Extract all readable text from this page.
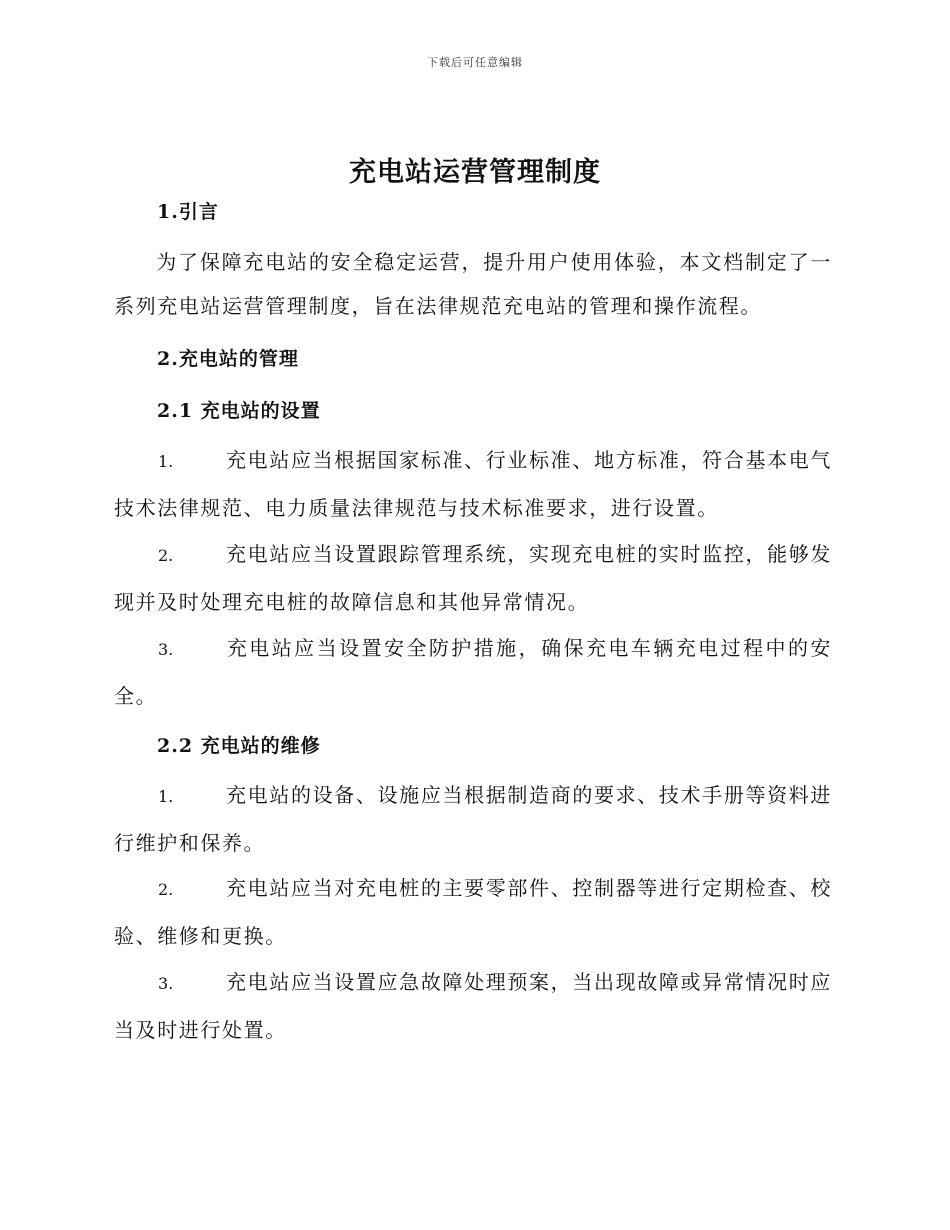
下载后可任意编辑
充电站运营管理制度
1.引言

为了保障充电站的安全稳定运营，提升用户使用体验，本文档制定了一系列充电站运营管理制度，旨在法律规范充电站的管理和操作流程。

2.充电站的管理
2.1 充电站的设置

1.	充电站应当根据国家标准、行业标准、地方标准，符合基本电气技术法律规范、电力质量法律规范与技术标准要求，进行设置。

2.	充电站应当设置跟踪管理系统，实现充电桩的实时监控，能够发现并及时处理充电桩的故障信息和其他异常情况。

3.	充电站应当设置安全防护措施，确保充电车辆充电过程中的安全。

2.2 充电站的维修

1.	充电站的设备、设施应当根据制造商的要求、技术手册等资料进行维护和保养。

2.	充电站应当对充电桩的主要零部件、控制器等进行定期检查、校验、维修和更换。

3.	充电站应当设置应急故障处理预案，当出现故障或异常情况时应当及时进行处置。
